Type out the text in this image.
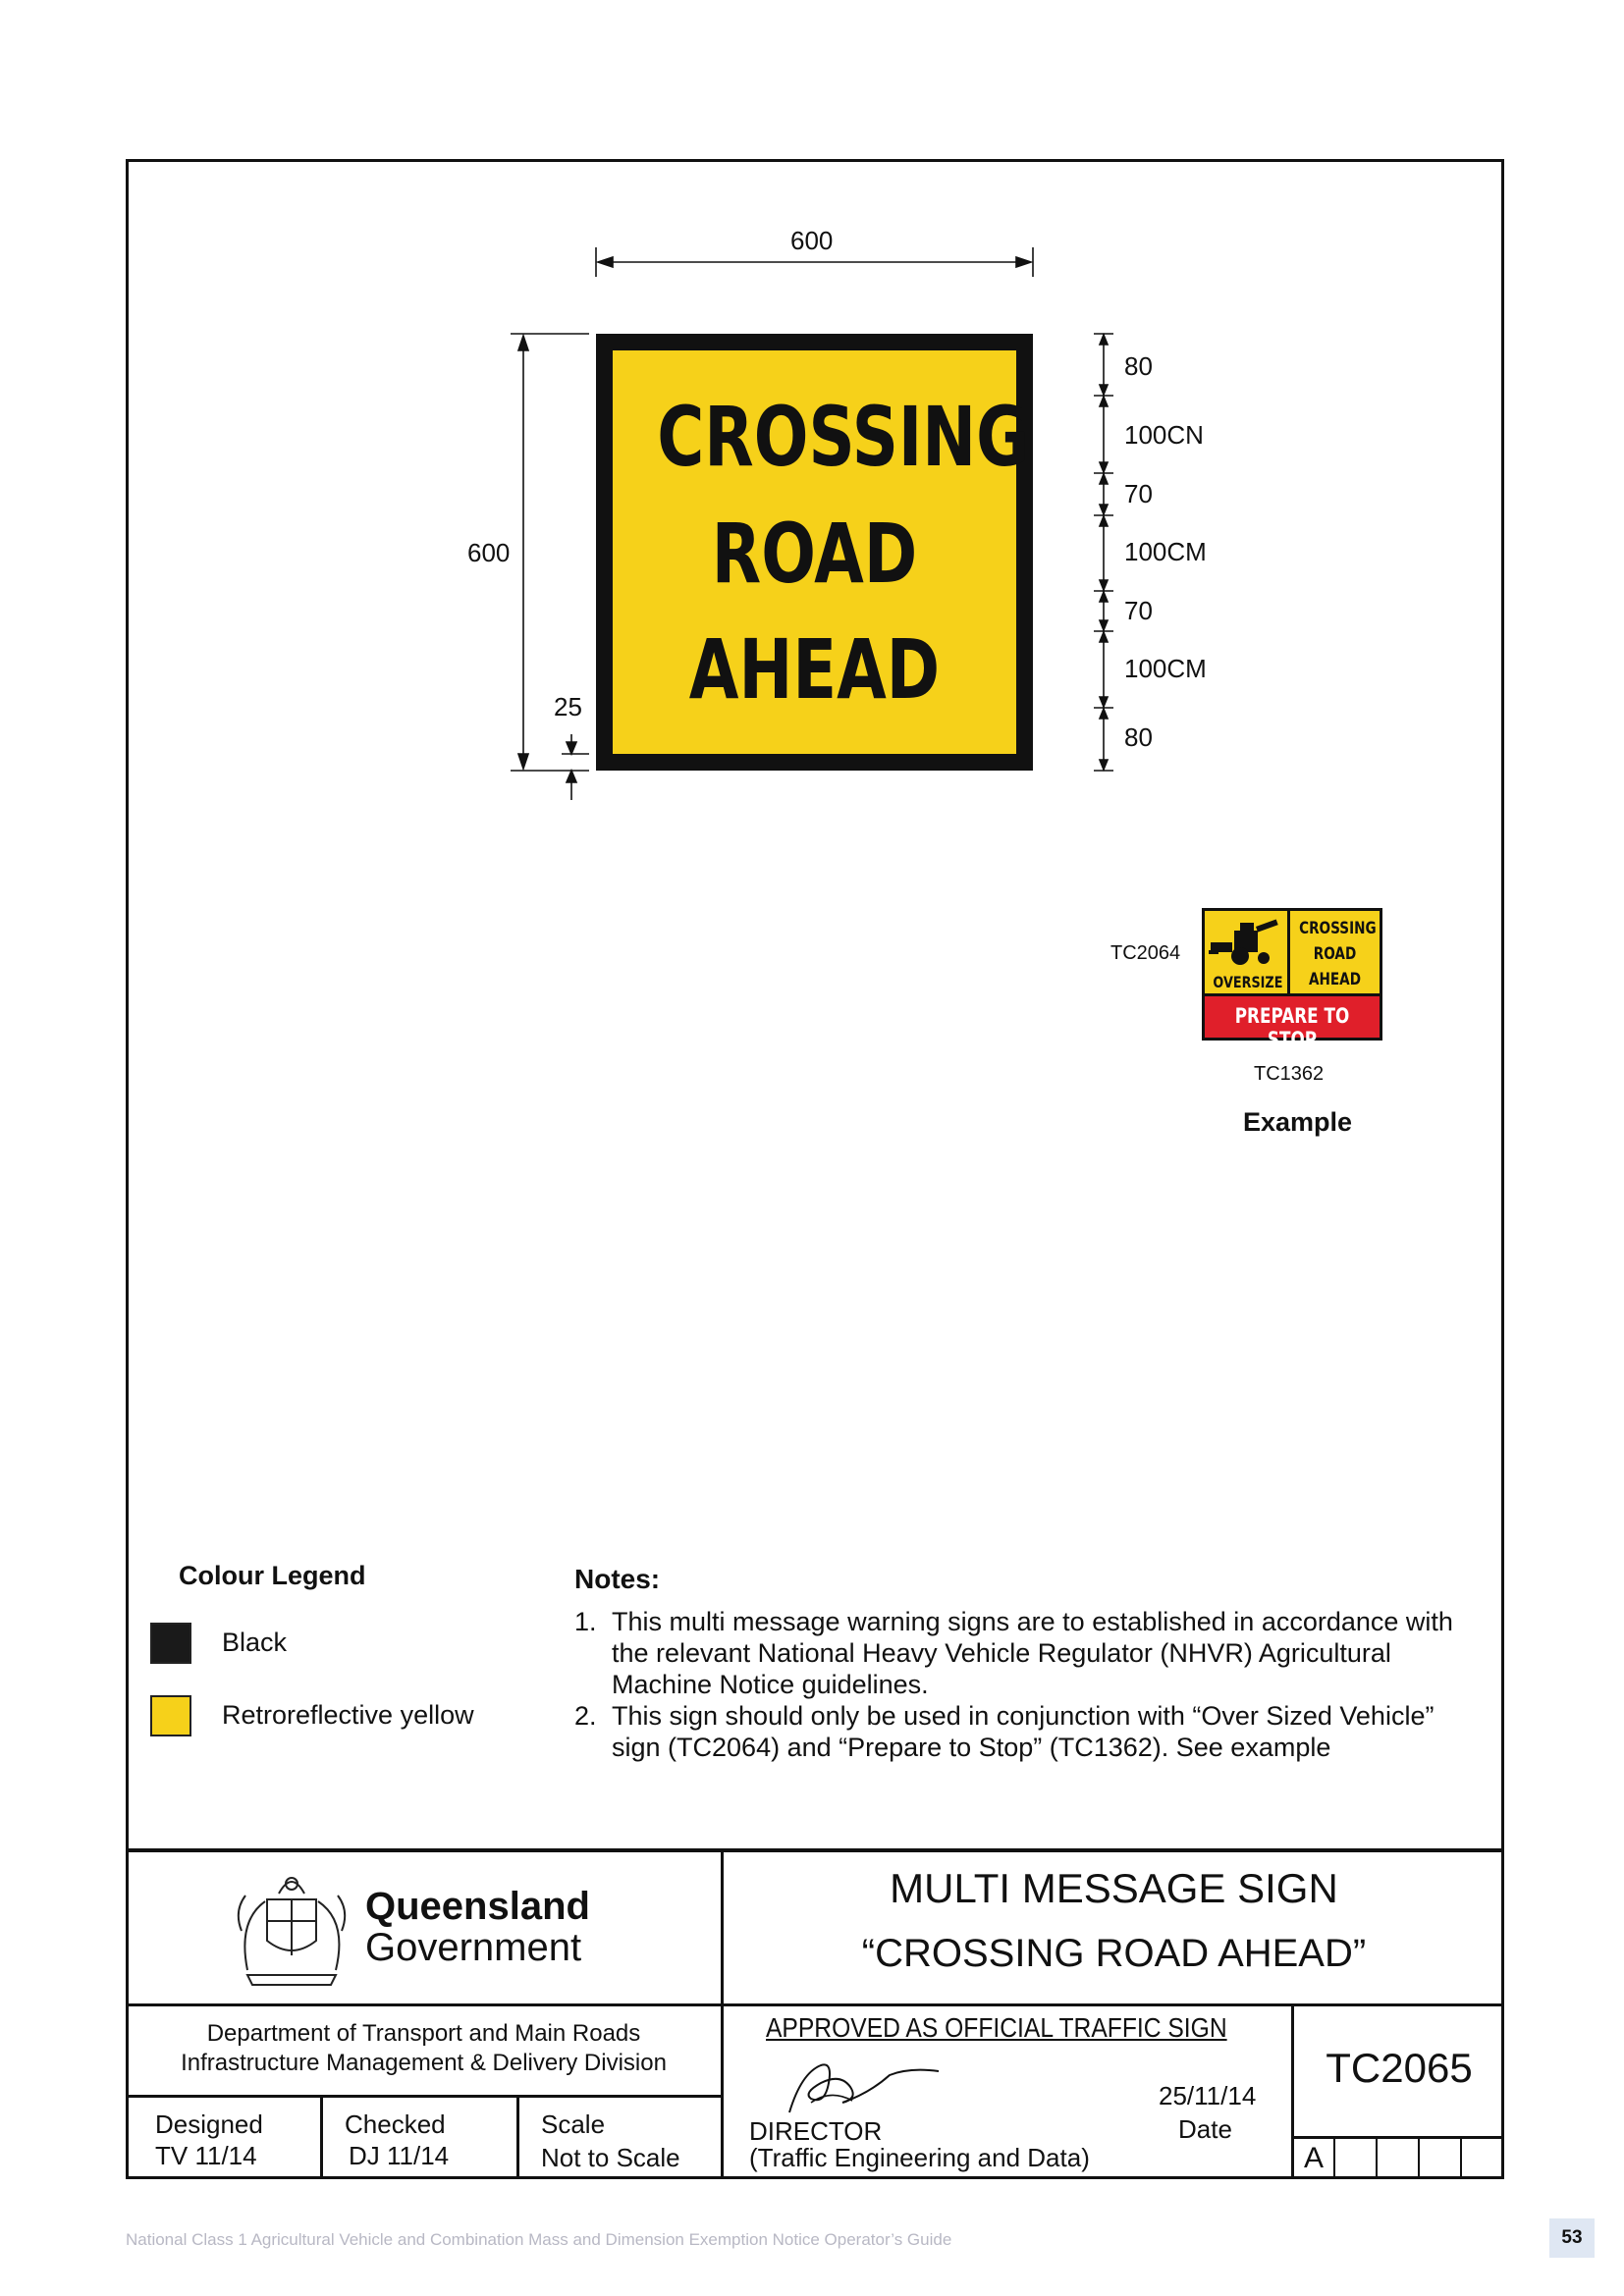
600
600
25
80
100CN
70
100CM
70
100CM
80
CROSSING
ROAD
AHEAD
TC2064
OVERSIZE
CROSSING
ROAD
AHEAD
PREPARE TO STOP
TC1362
Example
Colour Legend
Black
Retroreflective yellow
Notes:
1. This multi message warning signs are to established in accordance with the relevant National Heavy Vehicle Regulator (NHVR) Agricultural Machine Notice guidelines.
2. This sign should only be used in conjunction with “Over Sized Vehicle” sign (TC2064) and “Prepare to Stop” (TC1362). See example
Queensland
Government
MULTI MESSAGE SIGN
“CROSSING ROAD AHEAD”
Department of Transport and Main Roads
Infrastructure Management & Delivery Division
Designed
TV 11/14
Checked
DJ 11/14
Scale
Not to Scale
APPROVED AS OFFICIAL TRAFFIC SIGN
25/11/14
Date
DIRECTOR
(Traffic Engineering and Data)
TC2065
A
National Class 1 Agricultural Vehicle and Combination Mass and Dimension Exemption Notice Operator’s Guide	53
